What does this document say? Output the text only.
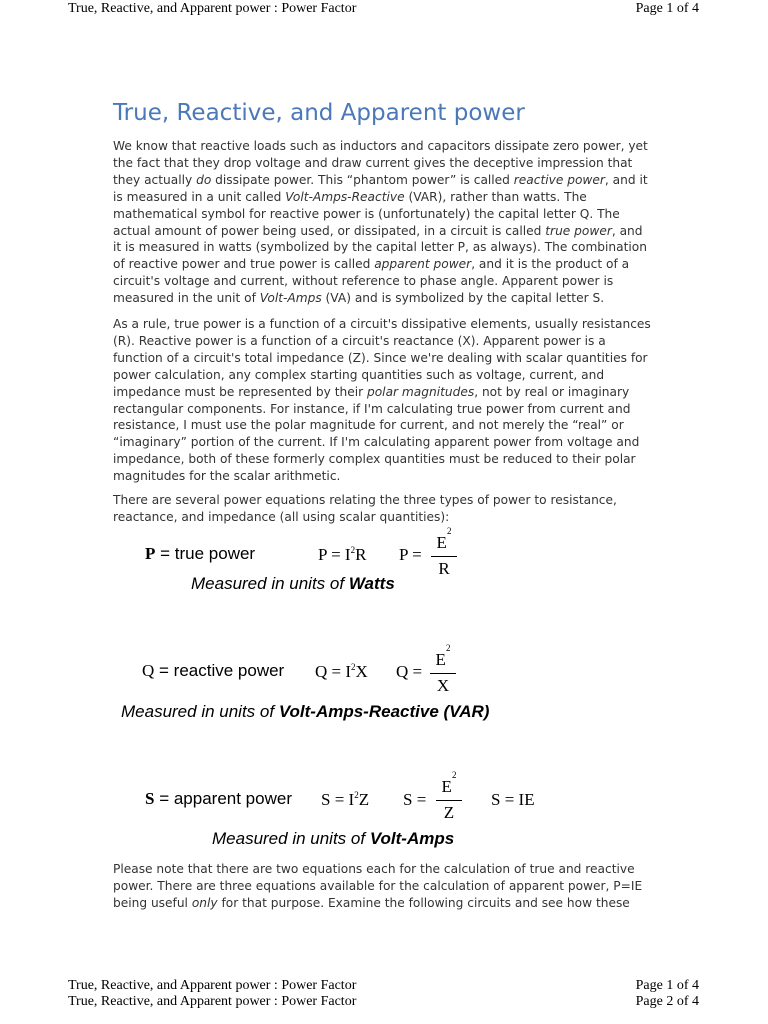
True, Reactive, and Apparent power : Power Factor	Page 1 of 4
True, Reactive, and Apparent power
We know that reactive loads such as inductors and capacitors dissipate zero power, yet
the fact that they drop voltage and draw current gives the deceptive impression that
they actually do dissipate power. This “phantom power” is called reactive power, and it
is measured in a unit called Volt-Amps-Reactive (VAR), rather than watts. The
mathematical symbol for reactive power is (unfortunately) the capital letter Q. The
actual amount of power being used, or dissipated, in a circuit is called true power, and
it is measured in watts (symbolized by the capital letter P, as always). The combination
of reactive power and true power is called apparent power, and it is the product of a
circuit's voltage and current, without reference to phase angle. Apparent power is
measured in the unit of Volt-Amps (VA) and is symbolized by the capital letter S.
As a rule, true power is a function of a circuit's dissipative elements, usually resistances
(R). Reactive power is a function of a circuit's reactance (X). Apparent power is a
function of a circuit's total impedance (Z). Since we're dealing with scalar quantities for
power calculation, any complex starting quantities such as voltage, current, and
impedance must be represented by their polar magnitudes, not by real or imaginary
rectangular components. For instance, if I'm calculating true power from current and
resistance, I must use the polar magnitude for current, and not merely the “real” or
“imaginary” portion of the current. If I'm calculating apparent power from voltage and
impedance, both of these formerly complex quantities must be reduced to their polar
magnitudes for the scalar arithmetic.
There are several power equations relating the three types of power to resistance,
reactance, and impedance (all using scalar quantities):
P = true power	$P = I^2R$ P =
$E^2$
R
Measured in units of Watts
Q = reactive power $Q = I^2X$ Q =
$E^2$
X
Measured in units of Volt-Amps-Reactive (VAR)
S = apparent power $S = I^2Z$ S =
$E^2$
Z
S = IE
Measured in units of Volt-Amps
Please note that there are two equations each for the calculation of true and reactive
power. There are three equations available for the calculation of apparent power, P=IE
being useful only for that purpose. Examine the following circuits and see how these
True, Reactive, and Apparent power : Power Factor	Page 1 of 4
True, Reactive, and Apparent power : Power Factor	Page 2 of 4
